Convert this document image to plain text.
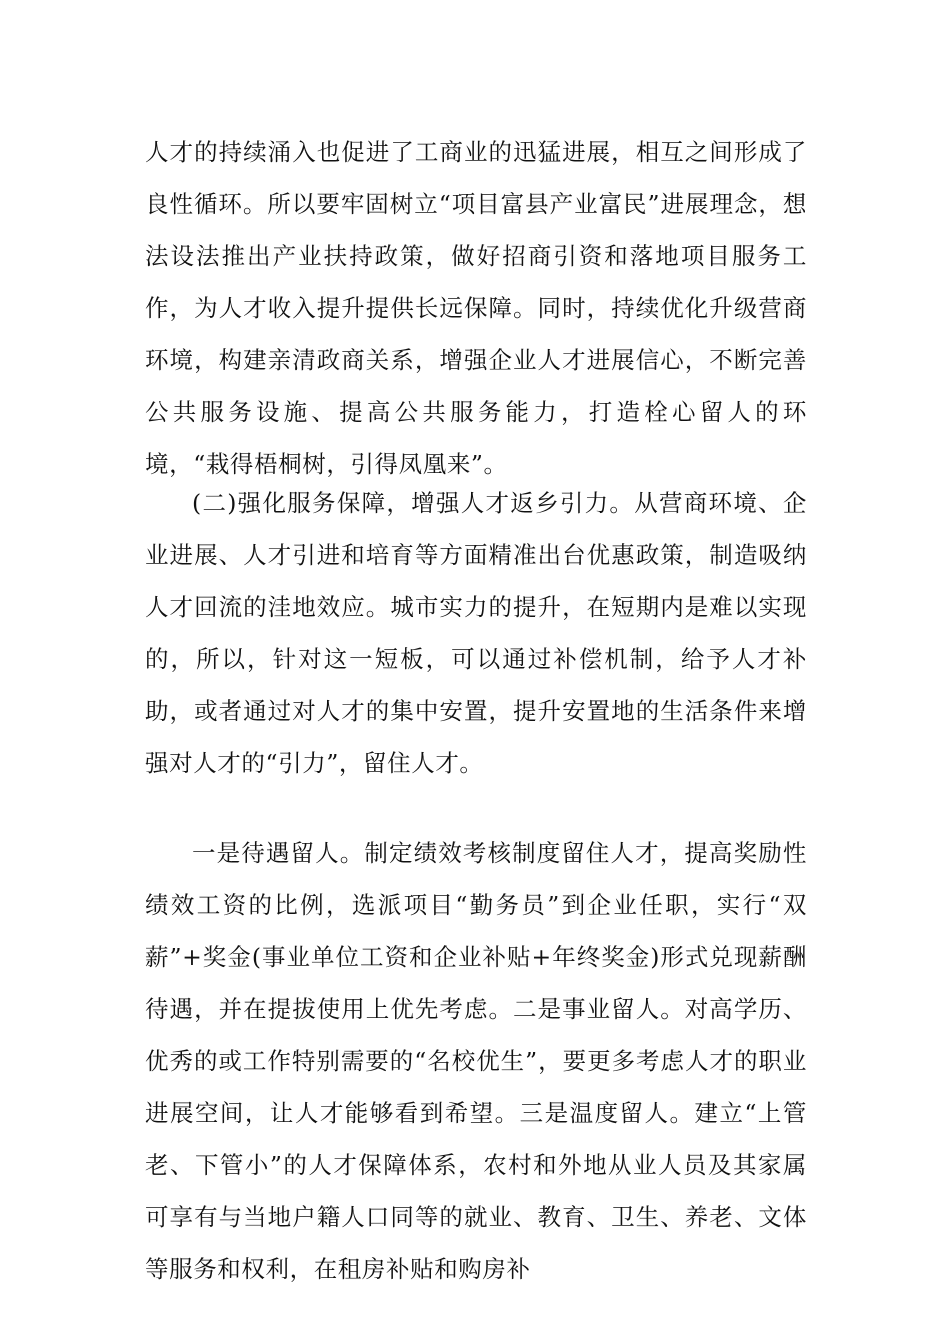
人才的持续涌入也促进了工商业的迅猛进展，相互之间形成了良性循环。所以要牢固树立“项目富县产业富民”进展理念，想法设法推出产业扶持政策，做好招商引资和落地项目服务工作，为人才收入提升提供长远保障。同时，持续优化升级营商环境，构建亲清政商关系，增强企业人才进展信心，不断完善公共服务设施、提高公共服务能力，打造栓心留人的环境，“栽得梧桐树，引得凤凰来”。

(二)强化服务保障，增强人才返乡引力。从营商环境、企业进展、人才引进和培育等方面精准出台优惠政策，制造吸纳人才回流的洼地效应。城市实力的提升，在短期内是难以实现的，所以，针对这一短板，可以通过补偿机制，给予人才补助，或者通过对人才的集中安置，提升安置地的生活条件来增强对人才的“引力”，留住人才。

一是待遇留人。制定绩效考核制度留住人才，提高奖励性绩效工资的比例，选派项目“勤务员”到企业任职，实行“双薪”+奖金(事业单位工资和企业补贴+年终奖金)形式兑现薪酬待遇，并在提拔使用上优先考虑。二是事业留人。对高学历、优秀的或工作特别需要的“名校优生”，要更多考虑人才的职业进展空间，让人才能够看到希望。三是温度留人。建立“上管老、下管小”的人才保障体系，农村和外地从业人员及其家属可享有与当地户籍人口同等的就业、教育、卫生、养老、文体等服务和权利，在租房补贴和购房补
